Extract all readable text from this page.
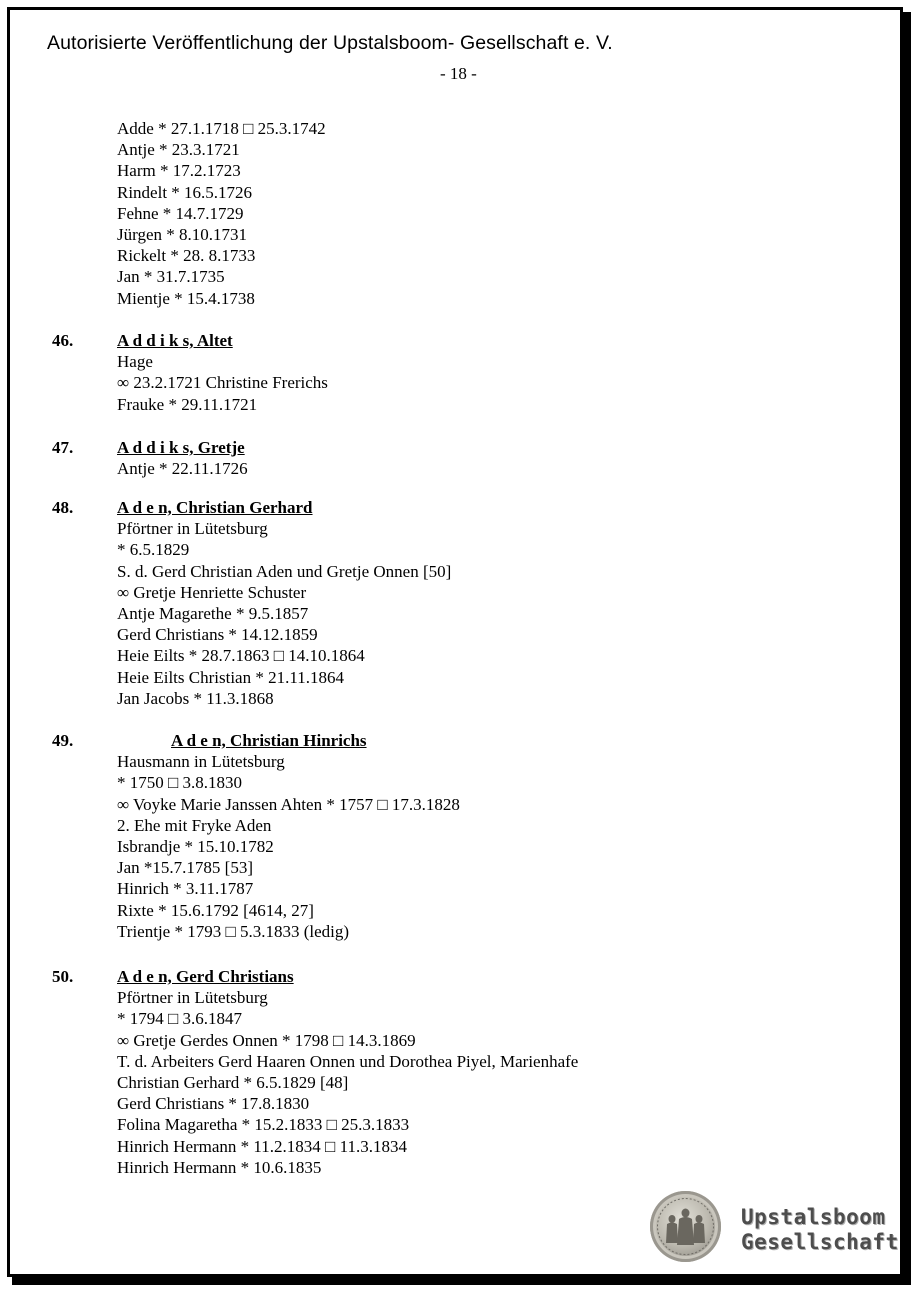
Autorisierte Veröffentlichung der Upstalsboom- Gesellschaft e. V.
- 18 -
Adde * 27.1.1718 □ 25.3.1742
Antje * 23.3.1721
Harm * 17.2.1723
Rindelt * 16.5.1726
Fehne * 14.7.1729
Jürgen * 8.10.1731
Rickelt * 28. 8.1733
Jan * 31.7.1735
Mientje * 15.4.1738
46.	A d d i k s, Altet
Hage
∞ 23.2.1721 Christine Frerichs
Frauke * 29.11.1721
47.	A d d i k s, Gretje
Antje * 22.11.1726
48.	A d e n, Christian Gerhard
Pförtner in Lütetsburg
* 6.5.1829
S. d. Gerd Christian Aden und Gretje Onnen [50]
∞ Gretje Henriette Schuster
Antje Magarethe * 9.5.1857
Gerd Christians * 14.12.1859
Heie Eilts * 28.7.1863 □ 14.10.1864
Heie Eilts Christian * 21.11.1864
Jan Jacobs * 11.3.1868
49.	A d e n, Christian Hinrichs
Hausmann in Lütetsburg
* 1750 □ 3.8.1830
∞ Voyke Marie Janssen Ahten * 1757 □ 17.3.1828
2. Ehe mit Fryke Aden
Isbrandje * 15.10.1782
Jan *15.7.1785 [53]
Hinrich * 3.11.1787
Rixte * 15.6.1792 [4614, 27]
Trientje * 1793 □ 5.3.1833 (ledig)
50.	A d e n, Gerd Christians
Pförtner in Lütetsburg
* 1794 □ 3.6.1847
∞ Gretje Gerdes Onnen * 1798 □ 14.3.1869
T. d. Arbeiters Gerd Haaren Onnen und Dorothea Piyel, Marienhafe
Christian Gerhard * 6.5.1829 [48]
Gerd Christians * 17.8.1830
Folina Magaretha * 15.2.1833 □ 25.3.1833
Hinrich Hermann * 11.2.1834 □ 11.3.1834
Hinrich Hermann * 10.6.1835
Upstalsboom
Gesellschaft
